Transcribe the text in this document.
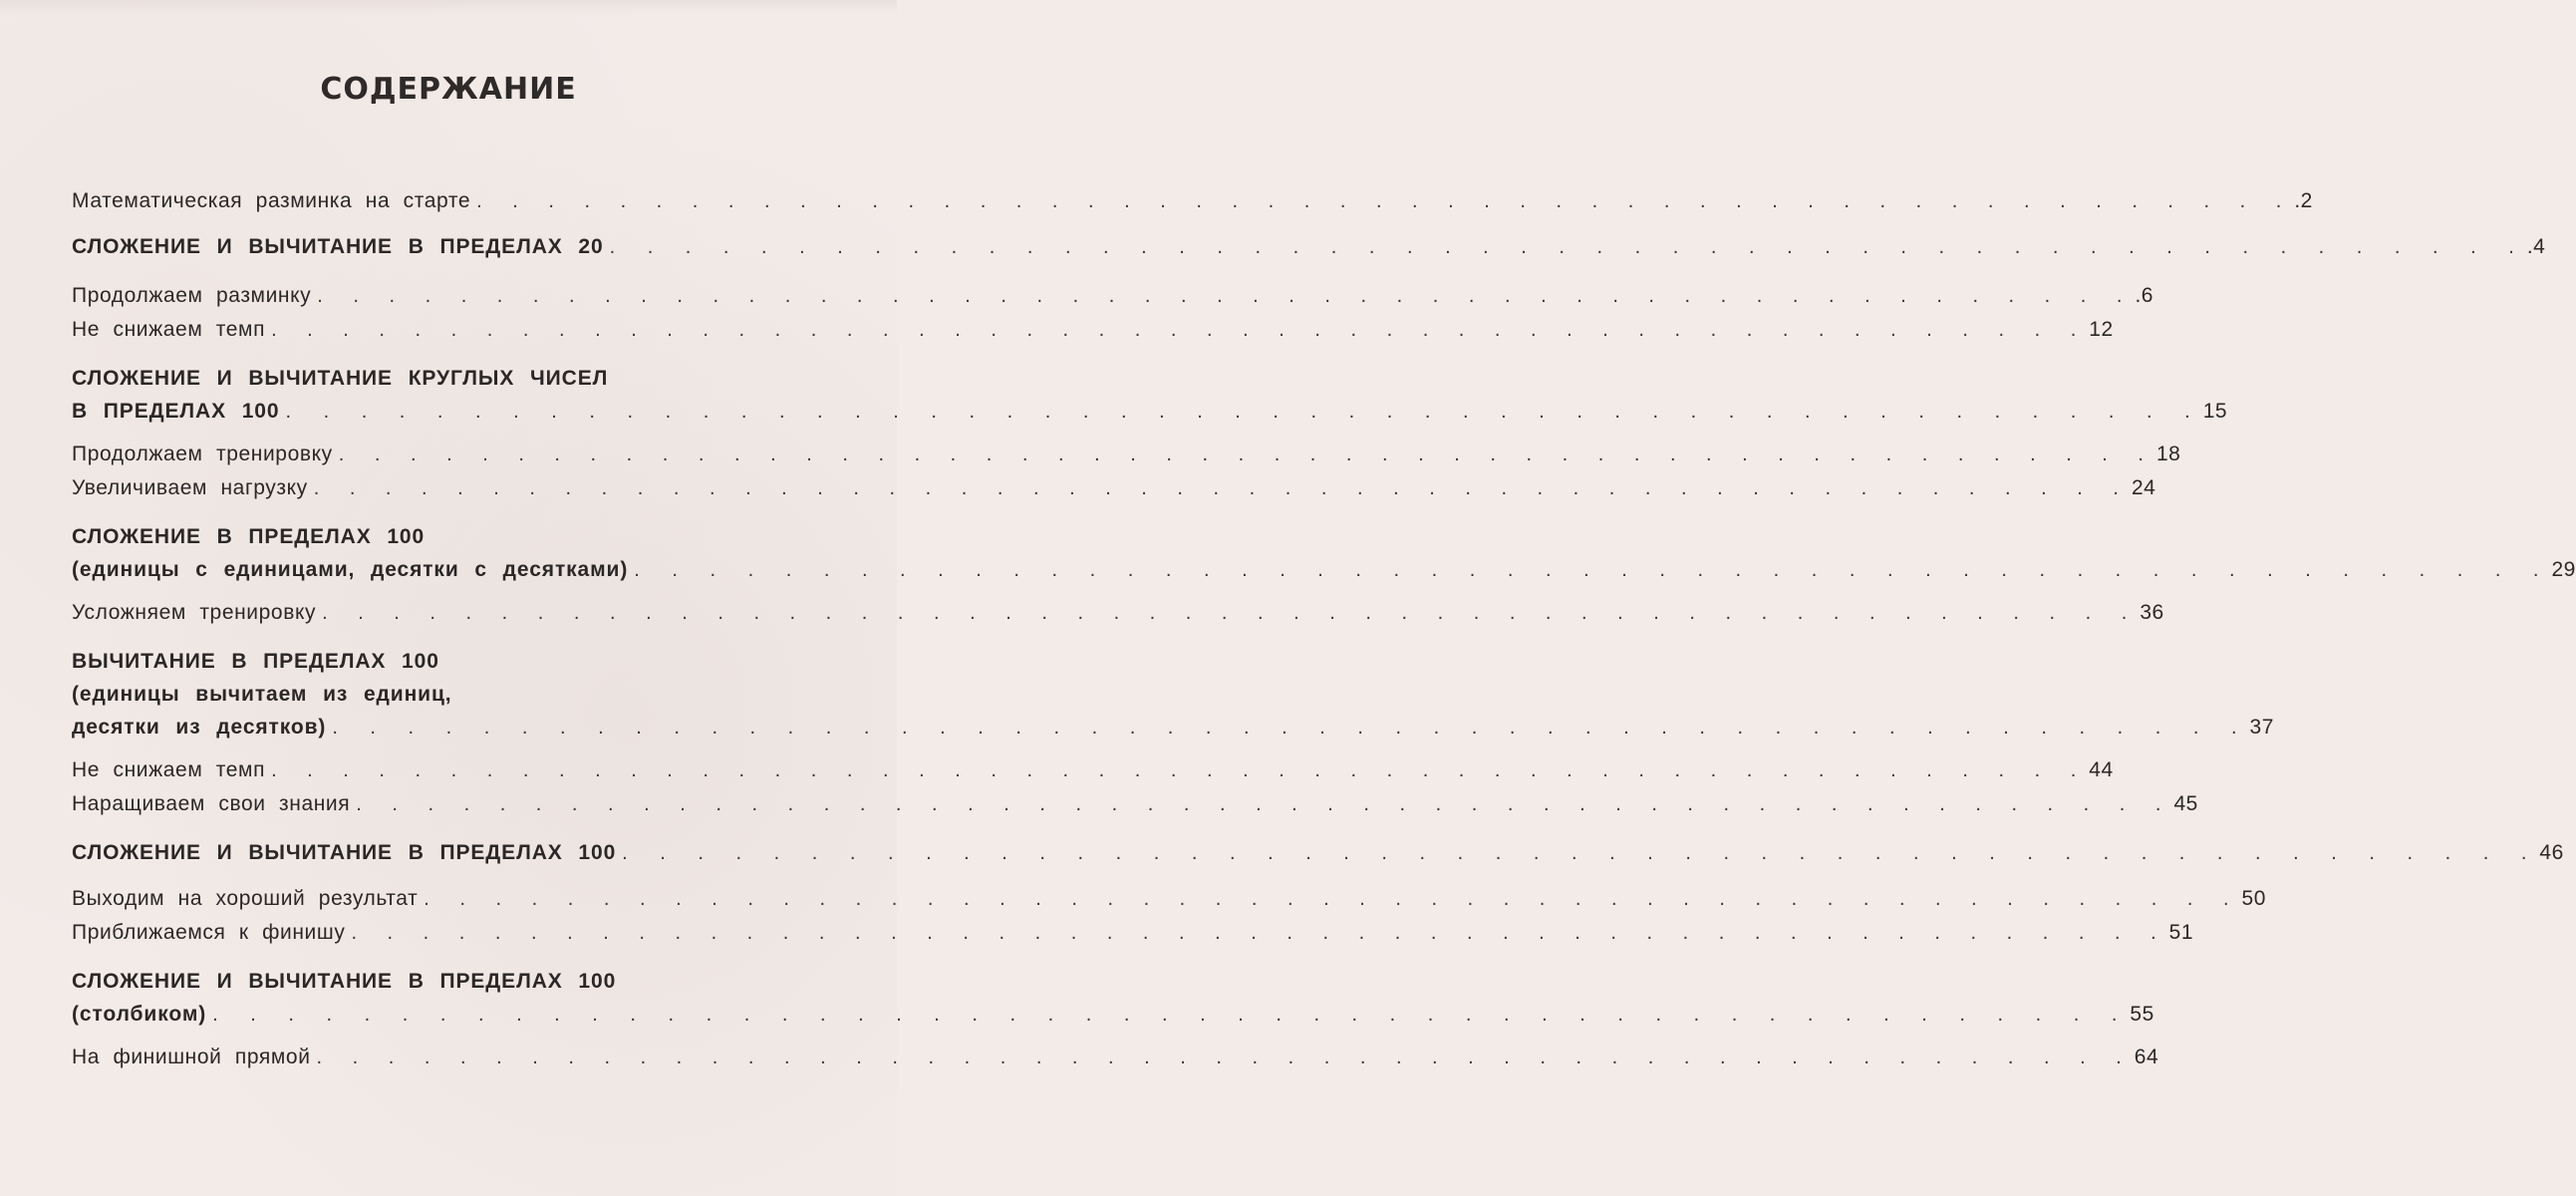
СОДЕРЖАНИЕ
Математическая разминка на старте . . . . . . . . . . . . . . . . . . . . . . . . . . . . . . . . . . . . . . . . . . . . . . . . . . . .2
СЛОЖЕНИЕ И ВЫЧИТАНИЕ В ПРЕДЕЛАХ 20 . . . . . . . . . . . . . . . . . . . . . . . . . . . . . . . . . . . . . . . . . . . . . . . . . . . .4
Продолжаем разминку . . . . . . . . . . . . . . . . . . . . . . . . . . . . . . . . . . . . . . . . . . . . . . . . . . . .6
Не снижаем темп . . . . . . . . . . . . . . . . . . . . . . . . . . . . . . . . . . . . . . . . . . . . . . . . . . . 12
СЛОЖЕНИЕ И ВЫЧИТАНИЕ КРУГЛЫХ ЧИСЕЛ
В ПРЕДЕЛАХ 100 . . . . . . . . . . . . . . . . . . . . . . . . . . . . . . . . . . . . . . . . . . . . . . . . . . . 15
Продолжаем тренировку . . . . . . . . . . . . . . . . . . . . . . . . . . . . . . . . . . . . . . . . . . . . . . . . . . . 18
Увеличиваем нагрузку . . . . . . . . . . . . . . . . . . . . . . . . . . . . . . . . . . . . . . . . . . . . . . . . . . . 24
СЛОЖЕНИЕ В ПРЕДЕЛАХ 100
(единицы с единицами, десятки с десятками) . . . . . . . . . . . . . . . . . . . . . . . . . . . . . . . . . . . . . . . . . . . . . . . . . . . 29
Усложняем тренировку . . . . . . . . . . . . . . . . . . . . . . . . . . . . . . . . . . . . . . . . . . . . . . . . . . . 36
ВЫЧИТАНИЕ В ПРЕДЕЛАХ 100
(единицы вычитаем из единиц,
десятки из десятков) . . . . . . . . . . . . . . . . . . . . . . . . . . . . . . . . . . . . . . . . . . . . . . . . . . . 37
Не снижаем темп . . . . . . . . . . . . . . . . . . . . . . . . . . . . . . . . . . . . . . . . . . . . . . . . . . . 44
Наращиваем свои знания . . . . . . . . . . . . . . . . . . . . . . . . . . . . . . . . . . . . . . . . . . . . . . . . . . . 45
СЛОЖЕНИЕ И ВЫЧИТАНИЕ В ПРЕДЕЛАХ 100 . . . . . . . . . . . . . . . . . . . . . . . . . . . . . . . . . . . . . . . . . . . . . . . . . . . 46
Выходим на хороший результат . . . . . . . . . . . . . . . . . . . . . . . . . . . . . . . . . . . . . . . . . . . . . . . . . . . 50
Приближаемся к финишу . . . . . . . . . . . . . . . . . . . . . . . . . . . . . . . . . . . . . . . . . . . . . . . . . . . 51
СЛОЖЕНИЕ И ВЫЧИТАНИЕ В ПРЕДЕЛАХ 100
(столбиком) . . . . . . . . . . . . . . . . . . . . . . . . . . . . . . . . . . . . . . . . . . . . . . . . . . . 55
На финишной прямой . . . . . . . . . . . . . . . . . . . . . . . . . . . . . . . . . . . . . . . . . . . . . . . . . . . 64
